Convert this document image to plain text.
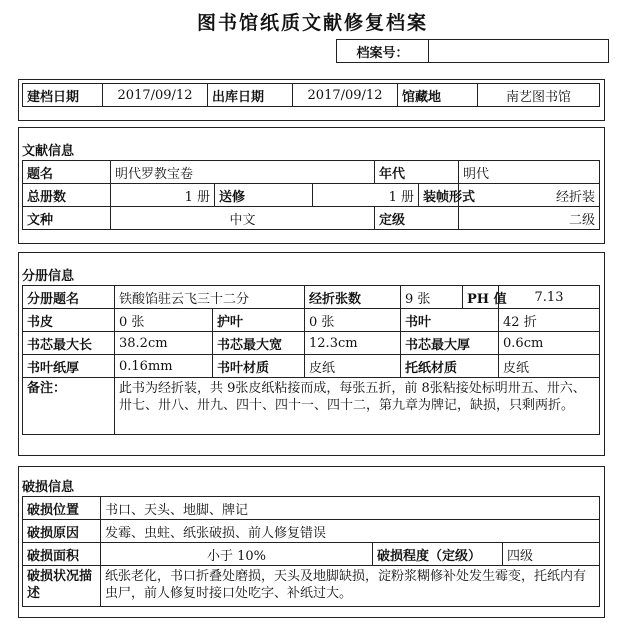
图书馆纸质文献修复档案
档案号：	
建档日期	2017/09/12	出库日期	2017/09/12	馆藏地	南艺图书馆
文献信息
题名	明代罗教宝卷			年代		明代
总册数	1 册	送修	1 册		装帧形式	经折装
文种	中文			定级		二级
分册信息
分册题名	铁酸馅驻云飞三十二分		经折张数	9 张	PH 值	7.13
书皮	0 张	护叶	0 张	书叶		42 折
书芯最大长	38.2cm	书芯最大宽	12.3cm	书芯最大厚		0.6cm
书叶纸厚	0.16mm	书叶材质	皮纸	托纸材质		皮纸
备注：	此书为经折装，共 9张皮纸粘接而成，每张五折，前 8张粘接处标明卅五、卅六、卅七、卅八、卅九、四十、四十一、四十二，第九章为牌记，缺损，只剩两折。					
破损信息
破损位置	书口、天头、地脚、牌记		
破损原因	发霉、虫蛀、纸张破损、前人修复错误		
破损面积	小于 10%	破损程度（定级）	四级
破损状况描述	纸张老化，书口折叠处磨损，天头及地脚缺损，淀粉浆糊修补处发生霉变，托纸内有虫尸，前人修复时接口处吃字、补纸过大。		
